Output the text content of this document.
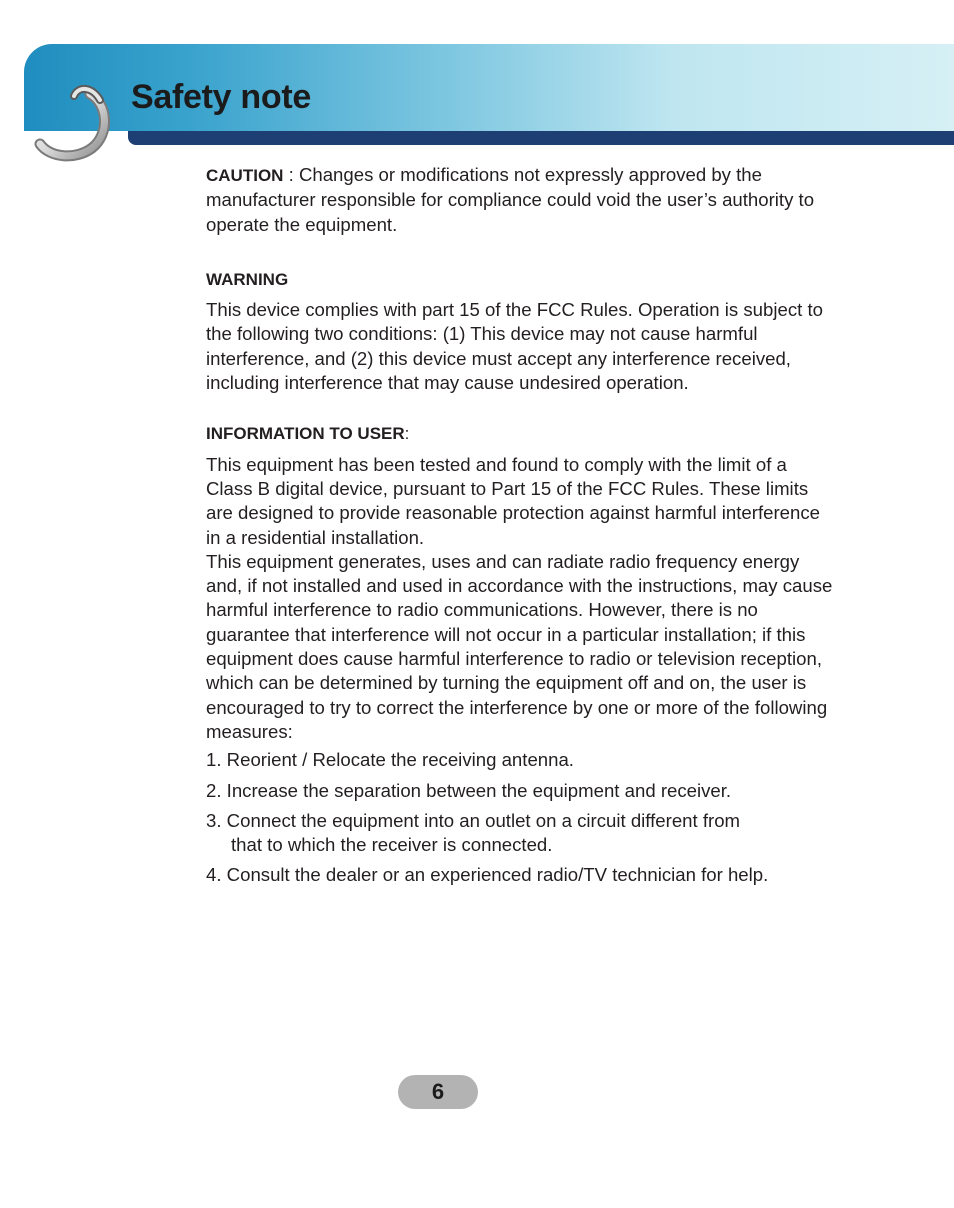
Safety note

CAUTION : Changes or modifications not expressly approved by the manufacturer responsible for compliance could void the user’s authority to operate the equipment.

WARNING

This device complies with part 15 of the FCC Rules. Operation is subject to the following two conditions: (1) This device may not cause harmful interference, and (2) this device must accept any interference received, including interference that may cause undesired operation.

INFORMATION TO USER:

This equipment has been tested and found to comply with the limit of a Class B digital device, pursuant to Part 15 of the FCC Rules. These limits are designed to provide reasonable protection against harmful interference in a residential installation.

This equipment generates, uses and can radiate radio frequency energy and, if not installed and used in accordance with the instructions, may cause harmful interference to radio communications. However, there is no guarantee that interference will not occur in a particular installation; if this equipment does cause harmful interference to radio or television reception, which can be determined by turning the equipment off and on, the user is encouraged to try to correct the interference by one or more of the following measures:

1. Reorient / Relocate the receiving antenna.
2. Increase the separation between the equipment and receiver.
3. Connect the equipment into an outlet on a circuit different from
that to which the receiver is connected.
4. Consult the dealer or an experienced radio/TV technician for help.
6
